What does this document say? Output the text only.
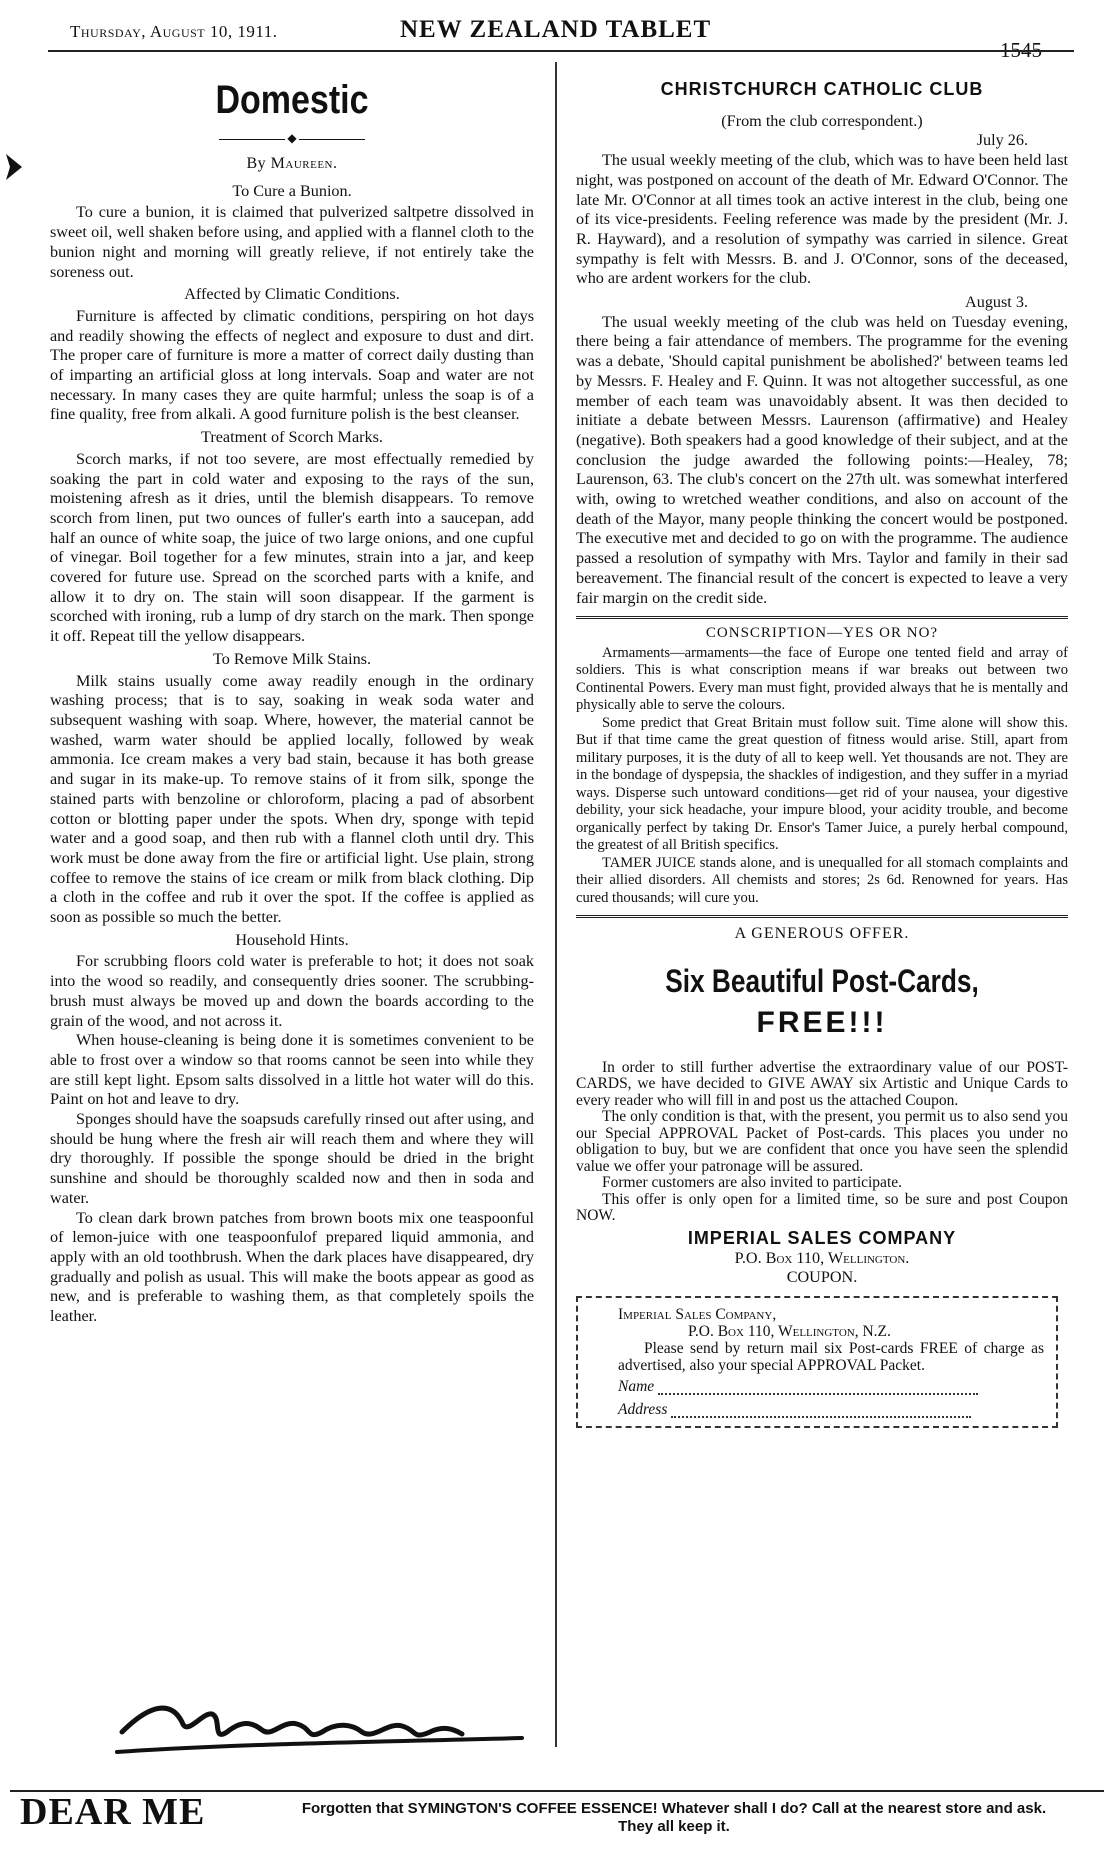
Thursday, August 10, 1911.	NEW ZEALAND TABLET
1545
Domestic
◆
By Maureen.
To Cure a Bunion.

To cure a bunion, it is claimed that pulverized saltpetre dissolved in sweet oil, well shaken before using, and applied with a flannel cloth to the bunion night and morning will greatly relieve, if not entirely take the soreness out.

Affected by Climatic Conditions.

Furniture is affected by climatic conditions, perspiring on hot days and readily showing the effects of neglect and exposure to dust and dirt. The proper care of furniture is more a matter of correct daily dusting than of imparting an artificial gloss at long intervals. Soap and water are not necessary. In many cases they are quite harmful; unless the soap is of a fine quality, free from alkali. A good furniture polish is the best cleanser.

Treatment of Scorch Marks.

Scorch marks, if not too severe, are most effectually remedied by soaking the part in cold water and exposing to the rays of the sun, moistening afresh as it dries, until the blemish disappears. To remove scorch from linen, put two ounces of fuller's earth into a saucepan, add half an ounce of white soap, the juice of two large onions, and one cupful of vinegar. Boil together for a few minutes, strain into a jar, and keep covered for future use. Spread on the scorched parts with a knife, and allow it to dry on. The stain will soon disappear. If the garment is scorched with ironing, rub a lump of dry starch on the mark. Then sponge it off. Repeat till the yellow disappears.

To Remove Milk Stains.

Milk stains usually come away readily enough in the ordinary washing process; that is to say, soaking in weak soda water and subsequent washing with soap. Where, however, the material cannot be washed, warm water should be applied locally, followed by weak ammonia. Ice cream makes a very bad stain, because it has both grease and sugar in its make-up. To remove stains of it from silk, sponge the stained parts with benzoline or chloroform, placing a pad of absorbent cotton or blotting paper under the spots. When dry, sponge with tepid water and a good soap, and then rub with a flannel cloth until dry. This work must be done away from the fire or artificial light. Use plain, strong coffee to remove the stains of ice cream or milk from black clothing. Dip a cloth in the coffee and rub it over the spot. If the coffee is applied as soon as possible so much the better.

Household Hints.

For scrubbing floors cold water is preferable to hot; it does not soak into the wood so readily, and consequently dries sooner. The scrubbing-brush must always be moved up and down the boards according to the grain of the wood, and not across it.

When house-cleaning is being done it is sometimes convenient to be able to frost over a window so that rooms cannot be seen into while they are still kept light. Epsom salts dissolved in a little hot water will do this. Paint on hot and leave to dry.

Sponges should have the soapsuds carefully rinsed out after using, and should be hung where the fresh air will reach them and where they will dry thoroughly. If possible the sponge should be dried in the bright sunshine and should be thoroughly scalded now and then in soda and water.

To clean dark brown patches from brown boots mix one teaspoonful of lemon-juice with one teaspoonfulof prepared liquid ammonia, and apply with an old toothbrush. When the dark places have disappeared, dry gradually and polish as usual. This will make the boots appear as good as new, and is preferable to washing them, as that completely spoils the leather.

CHRISTCHURCH CATHOLIC CLUB
(From the club correspondent.)
July 26.

The usual weekly meeting of the club, which was to have been held last night, was postponed on account of the death of Mr. Edward O'Connor. The late Mr. O'Connor at all times took an active interest in the club, being one of its vice-presidents. Feeling reference was made by the president (Mr. J. R. Hayward), and a resolution of sympathy was carried in silence. Great sympathy is felt with Messrs. B. and J. O'Connor, sons of the deceased, who are ardent workers for the club.

August 3.

The usual weekly meeting of the club was held on Tuesday evening, there being a fair attendance of members. The programme for the evening was a debate, 'Should capital punishment be abolished?' between teams led by Messrs. F. Healey and F. Quinn. It was not altogether successful, as one member of each team was unavoidably absent. It was then decided to initiate a debate between Messrs. Laurenson (affirmative) and Healey (negative). Both speakers had a good knowledge of their subject, and at the conclusion the judge awarded the following points:—Healey, 78; Laurenson, 63. The club's concert on the 27th ult. was somewhat interfered with, owing to wretched weather conditions, and also on account of the death of the Mayor, many people thinking the concert would be postponed. The executive met and decided to go on with the programme. The audience passed a resolution of sympathy with Mrs. Taylor and family in their sad bereavement. The financial result of the concert is expected to leave a very fair margin on the credit side.

CONSCRIPTION—YES OR NO?

Armaments—armaments—the face of Europe one tented field and array of soldiers. This is what conscription means if war breaks out between two Continental Powers. Every man must fight, provided always that he is mentally and physically able to serve the colours.

Some predict that Great Britain must follow suit. Time alone will show this. But if that time came the great question of fitness would arise. Still, apart from military purposes, it is the duty of all to keep well. Yet thousands are not. They are in the bondage of dyspepsia, the shackles of indigestion, and they suffer in a myriad ways. Disperse such untoward conditions—get rid of your nausea, your digestive debility, your sick headache, your impure blood, your acidity trouble, and become organically perfect by taking Dr. Ensor's Tamer Juice, a purely herbal compound, the greatest of all British specifics.

TAMER JUICE stands alone, and is unequalled for all stomach complaints and their allied disorders. All chemists and stores; 2s 6d. Renowned for years. Has cured thousands; will cure you.

A GENEROUS OFFER.
Six Beautiful Post-Cards,
FREE!!!

In order to still further advertise the extraordinary value of our POST-CARDS, we have decided to GIVE AWAY six Artistic and Unique Cards to every reader who will fill in and post us the attached Coupon.

The only condition is that, with the present, you permit us to also send you our Special APPROVAL Packet of Post-cards. This places you under no obligation to buy, but we are confident that once you have seen the splendid value we offer your patronage will be assured.

Former customers are also invited to participate.

This offer is only open for a limited time, so be sure and post Coupon NOW.

IMPERIAL SALES COMPANY
P.O. Box 110, Wellington.
COUPON.
Imperial Sales Company,
P.O. Box 110, Wellington, N.Z.

Please send by return mail six Post-cards FREE of charge as advertised, also your special APPROVAL Packet.

Name
Address
DEAR ME	Forgotten that SYMINGTON'S COFFEE ESSENCE! Whatever shall I do? Call at the nearest store and ask. They all keep it.
